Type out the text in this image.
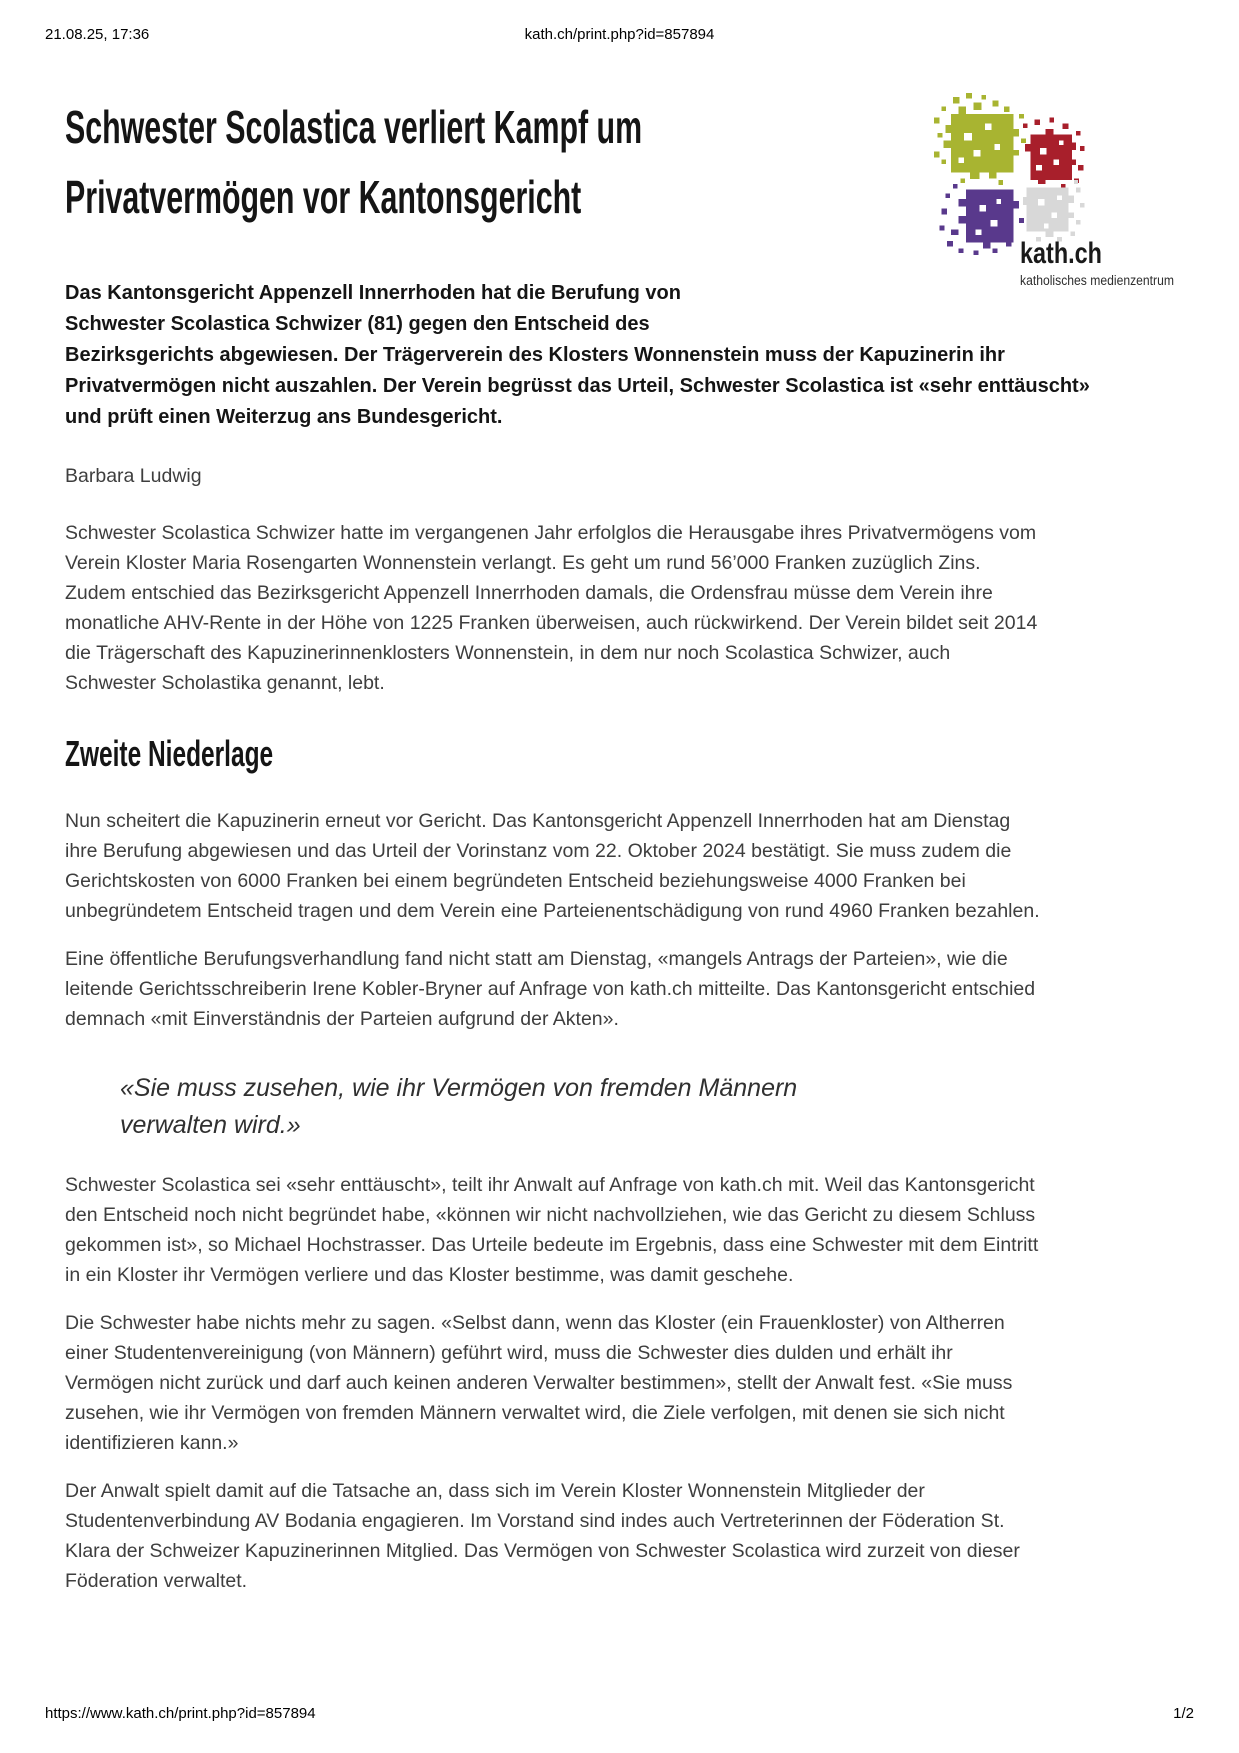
21.08.25, 17:36	kath.ch/print.php?id=857894
kath.ch
katholisches medienzentrum
Schwester Scolastica verliert Kampf um
Privatvermögen vor Kantonsgericht

Das Kantonsgericht Appenzell Innerrhoden hat die Berufung von Schwester Scolastica Schwizer (81) gegen den Entscheid des Bezirksgerichts abgewiesen. Der Trägerverein des Klosters Wonnenstein muss der Kapuzinerin ihr Privatvermögen nicht auszahlen. Der Verein begrüsst das Urteil, Schwester Scolastica ist «sehr enttäuscht» und prüft einen Weiterzug ans Bundesgericht.

Barbara Ludwig

Schwester Scolastica Schwizer hatte im vergangenen Jahr erfolglos die Herausgabe ihres Privatvermögens vom Verein Kloster Maria Rosengarten Wonnenstein verlangt. Es geht um rund 56’000 Franken zuzüglich Zins. Zudem entschied das Bezirksgericht Appenzell Innerrhoden damals, die Ordensfrau müsse dem Verein ihre monatliche AHV-Rente in der Höhe von 1225 Franken überweisen, auch rückwirkend. Der Verein bildet seit 2014 die Trägerschaft des Kapuzinerinnenklosters Wonnenstein, in dem nur noch Scolastica Schwizer, auch Schwester Scholastika genannt, lebt.

Zweite Niederlage

Nun scheitert die Kapuzinerin erneut vor Gericht. Das Kantonsgericht Appenzell Innerrhoden hat am Dienstag ihre Berufung abgewiesen und das Urteil der Vorinstanz vom 22. Oktober 2024 bestätigt. Sie muss zudem die Gerichtskosten von 6000 Franken bei einem begründeten Entscheid beziehungsweise 4000 Franken bei unbegründetem Entscheid tragen und dem Verein eine Parteienentschädigung von rund 4960 Franken bezahlen.

Eine öffentliche Berufungsverhandlung fand nicht statt am Dienstag, «mangels Antrags der Parteien», wie die leitende Gerichtsschreiberin Irene Kobler-Bryner auf Anfrage von kath.ch mitteilte. Das Kantonsgericht entschied demnach «mit Einverständnis der Parteien aufgrund der Akten».

«Sie muss zusehen, wie ihr Vermögen von fremden Männern verwalten wird.»

Schwester Scolastica sei «sehr enttäuscht», teilt ihr Anwalt auf Anfrage von kath.ch mit. Weil das Kantonsgericht den Entscheid noch nicht begründet habe, «können wir nicht nachvollziehen, wie das Gericht zu diesem Schluss gekommen ist», so Michael Hochstrasser. Das Urteile bedeute im Ergebnis, dass eine Schwester mit dem Eintritt in ein Kloster ihr Vermögen verliere und das Kloster bestimme, was damit geschehe.

Die Schwester habe nichts mehr zu sagen. «Selbst dann, wenn das Kloster (ein Frauenkloster) von Altherren einer Studentenvereinigung (von Männern) geführt wird, muss die Schwester dies dulden und erhält ihr Vermögen nicht zurück und darf auch keinen anderen Verwalter bestimmen», stellt der Anwalt fest. «Sie muss zusehen, wie ihr Vermögen von fremden Männern verwaltet wird, die Ziele verfolgen, mit denen sie sich nicht identifizieren kann.»

Der Anwalt spielt damit auf die Tatsache an, dass sich im Verein Kloster Wonnenstein Mitglieder der Studentenverbindung AV Bodania engagieren. Im Vorstand sind indes auch Vertreterinnen der Föderation St. Klara der Schweizer Kapuzinerinnen Mitglied. Das Vermögen von Schwester Scolastica wird zurzeit von dieser Föderation verwaltet.

https://www.kath.ch/print.php?id=857894	1/2
